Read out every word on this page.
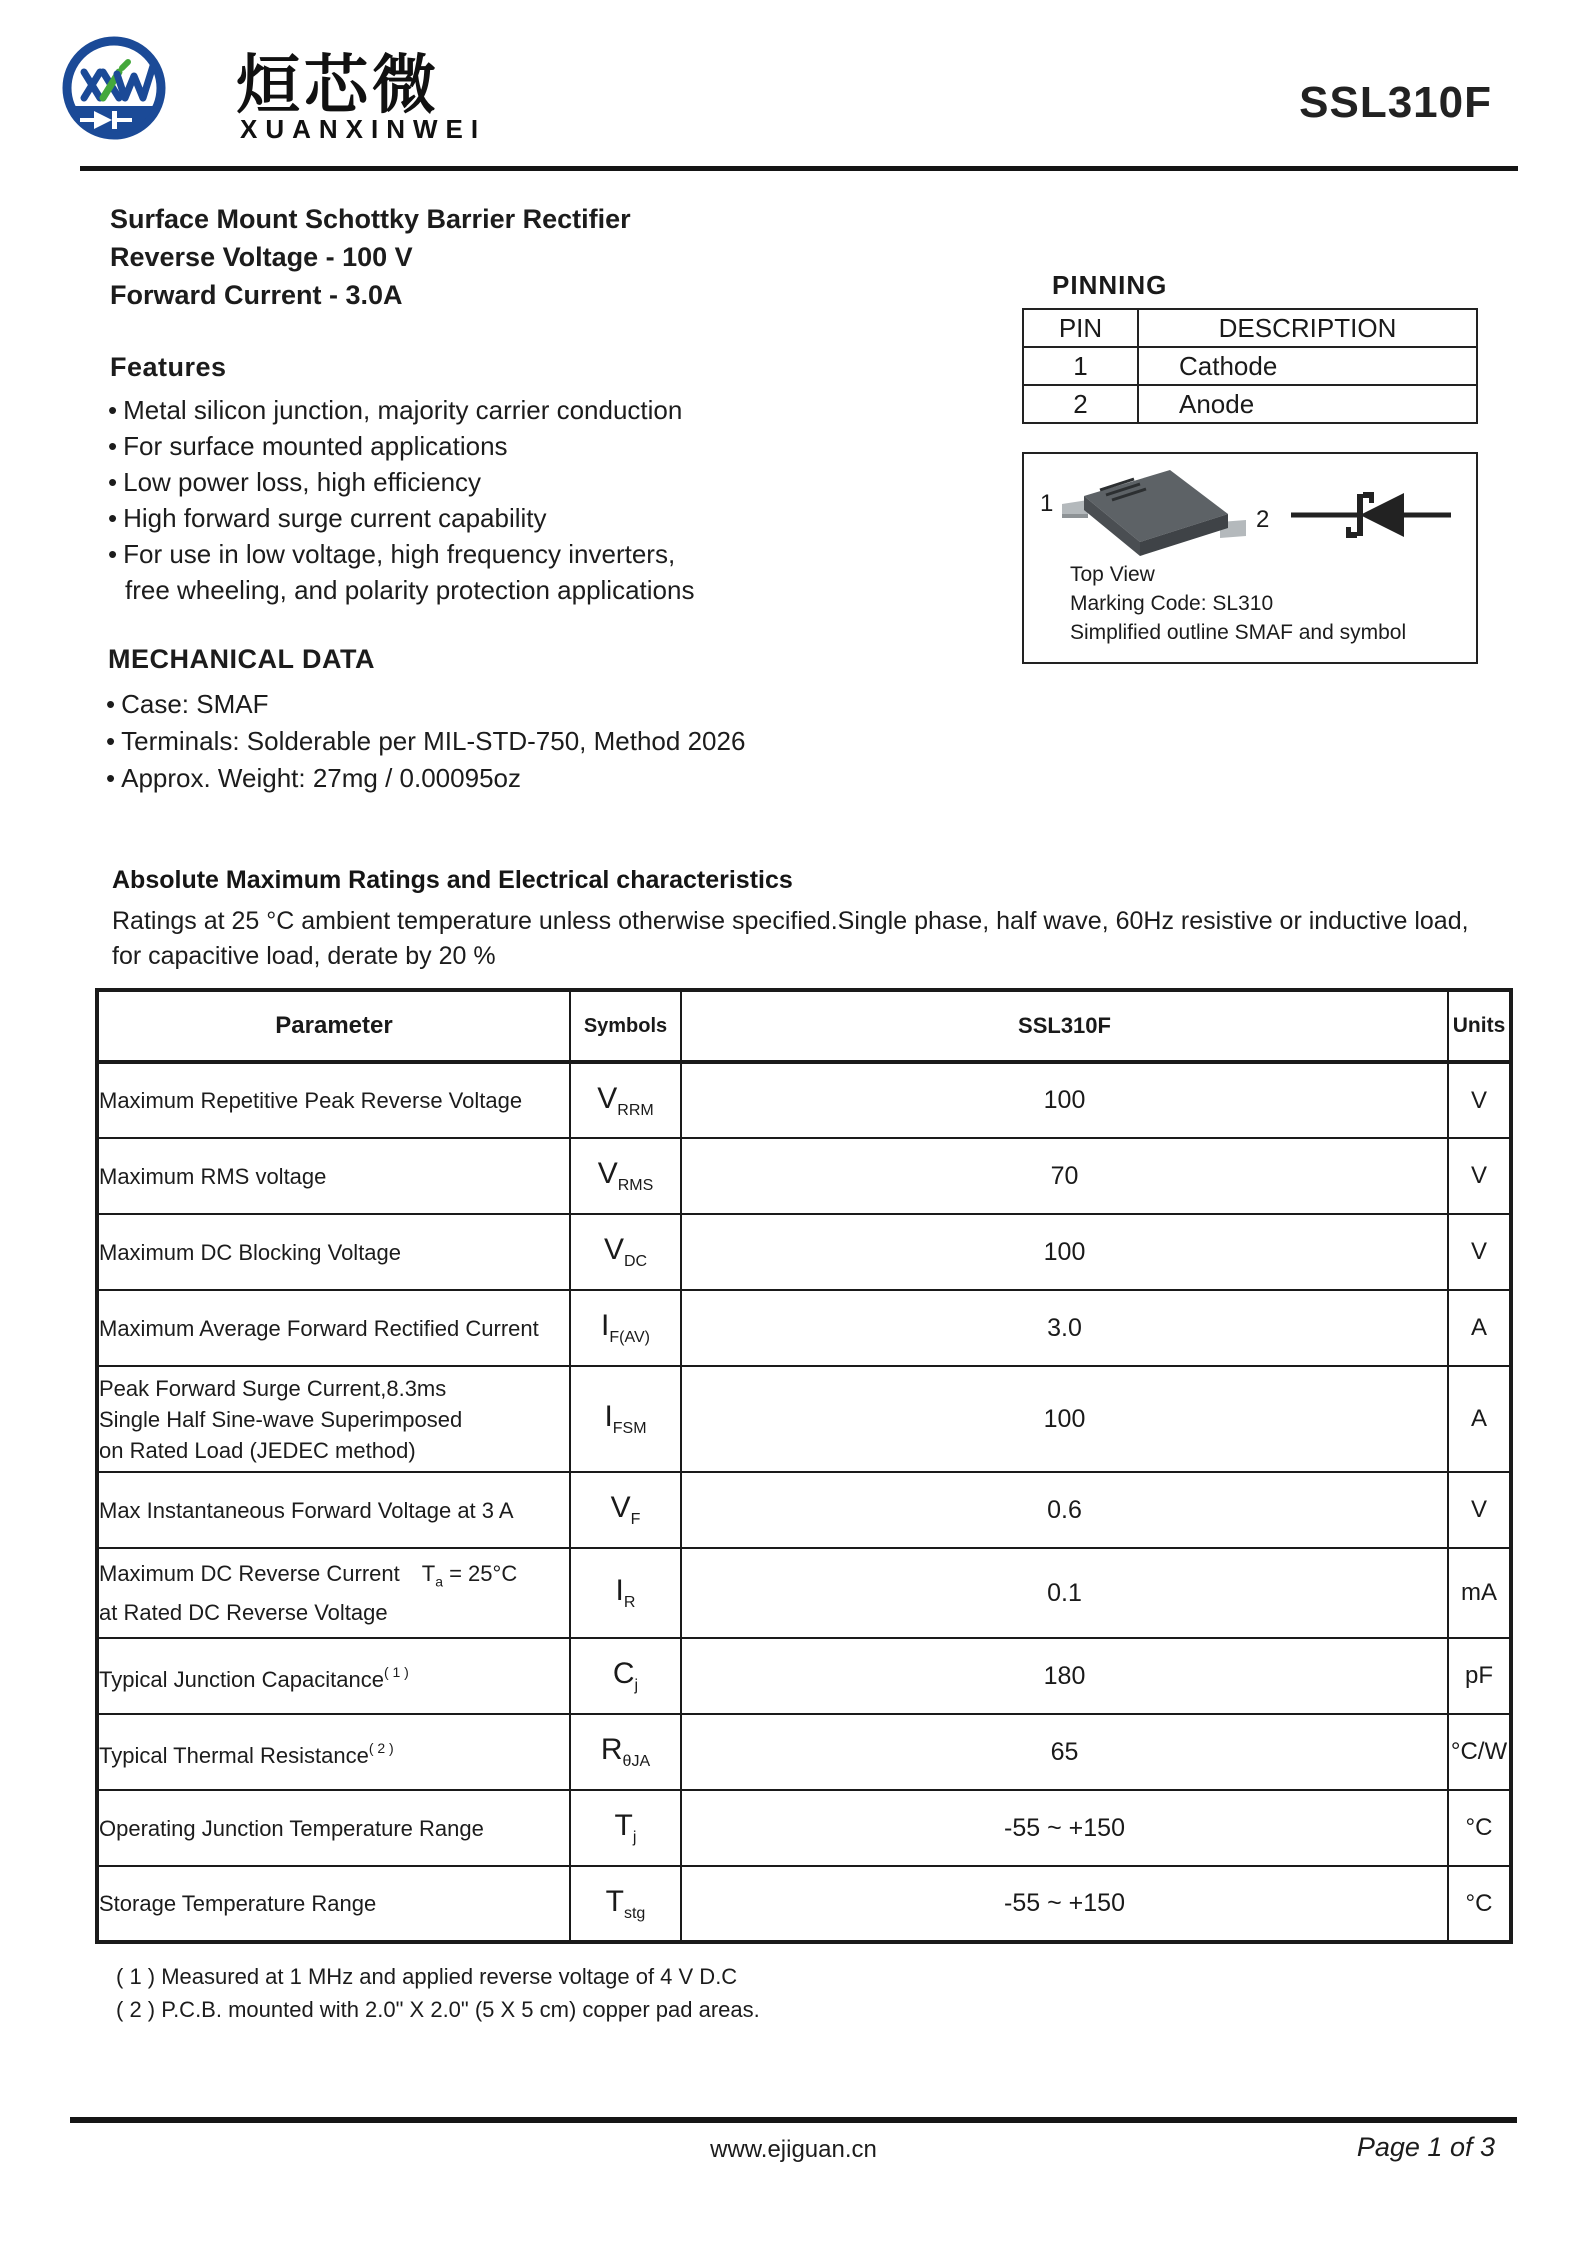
烜芯微
XUANXINWEI
SSL310F
Surface Mount Schottky Barrier Rectifier
Reverse Voltage - 100 V
Forward Current - 3.0A
Features
• Metal silicon junction, majority carrier conduction
• For surface mounted applications
• Low power loss, high efficiency
• High forward surge current capability
• For use in low voltage, high frequency inverters,
free wheeling, and polarity protection applications
PINNING
PIN	DESCRIPTION
1	Cathode
2	Anode
1
2
Top View
Marking Code: SL310
Simplified outline SMAF and symbol
MECHANICAL DATA
• Case: SMAF
• Terminals: Solderable per MIL-STD-750, Method 2026
• Approx. Weight: 27mg / 0.00095oz
Absolute Maximum Ratings and Electrical characteristics
Ratings at 25 °C ambient temperature unless otherwise specified.Single phase, half wave, 60Hz resistive or inductive load,
for capacitive load, derate by 20 %
Parameter	Symbols	SSL310F	Units

Maximum Repetitive Peak Reverse Voltage	$V_{RRM}$	100	V

Maximum RMS voltage	$V_{RMS}$	70	V

Maximum DC Blocking Voltage	$V_{DC}$	100	V

Maximum Average Forward Rectified Current	$I_{F(AV)}$	3.0	A

Peak Forward Surge Current,8.3ms
Single Half Sine-wave Superimposed
on Rated Load (JEDEC method)	$I_{FSM}$	100	A

Max Instantaneous Forward Voltage at 3 A	$V_F$	0.6	V

Maximum DC Reverse Current $T_a = 25^\circ C$
at Rated DC Reverse Voltage	$I_R$	0.1	mA

Typical Junction Capacitance$^{( 1 )}$	$C_j$	180	pF

Typical Thermal Resistance$^{( 2 )}$	$R_{\theta JA}$	65	°C/W

Operating Junction Temperature Range	$T_j$	-55 ~ +150	°C

Storage Temperature Range	$T_{stg}$	-55 ~ +150	°C
( 1 ) Measured at 1 MHz and applied reverse voltage of 4 V D.C
( 2 ) P.C.B. mounted with 2.0" X 2.0" (5 X 5 cm) copper pad areas.
www.ejiguan.cn	Page 1 of 3
